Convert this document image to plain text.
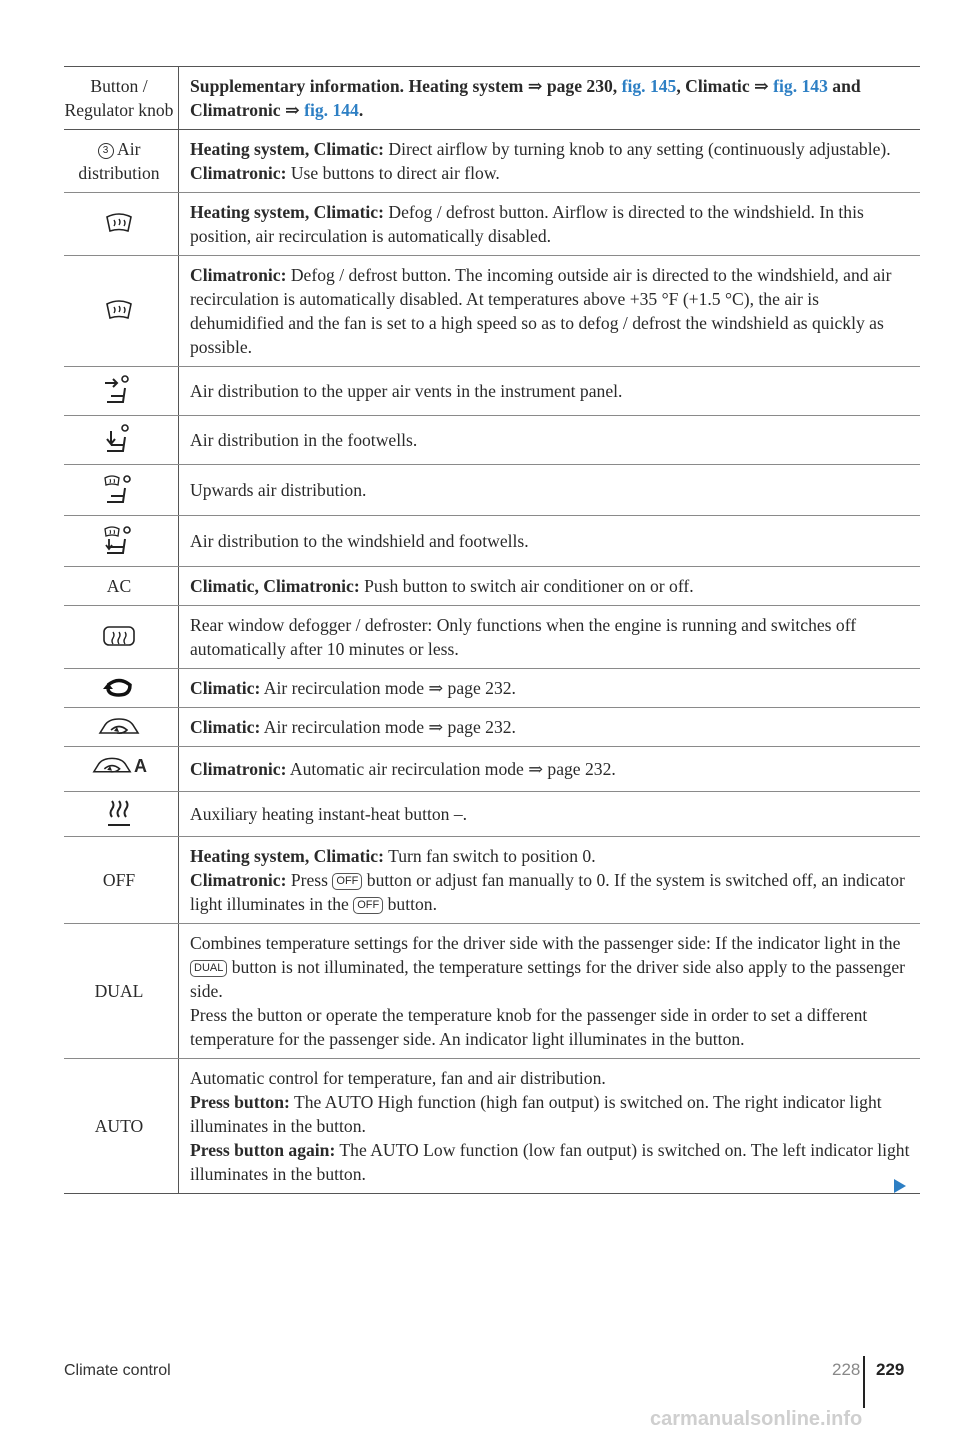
Button / Regulator knob	Supplementary information. Heating system ⇒ page 230, fig. 145, Climatic ⇒ fig. 143 and Climatronic ⇒ fig. 144.
3 Air distribution	Heating system, Climatic: Direct airflow by turning knob to any setting (continuously adjustable).
Climatronic: Use buttons to direct air flow.

	Heating system, Climatic: Defog / defrost button. Airflow is directed to the windshield. In this position, air recirculation is automatically disabled.

	Climatronic: Defog / defrost button. The incoming outside air is directed to the windshield, and air recirculation is automatically disabled. At temperatures above +35 °F (+1.5 °C), the air is dehumidified and the fan is set to a high speed so as to defog / defrost the windshield as quickly as possible.

	Air distribution to the upper air vents in the instrument panel.

	Air distribution in the footwells.

	Upwards air distribution.

	Air distribution to the windshield and footwells.
AC	Climatic, Climatronic: Push button to switch air conditioner on or off.

	Rear window defogger / defroster: Only functions when the engine is running and switches off automatically after 10 minutes or less.

	Climatic: Air recirculation mode ⇒ page 232.

	Climatic: Air recirculation mode ⇒ page 232.

A	Climatronic: Automatic air recirculation mode ⇒ page 232.

	Auxiliary heating instant-heat button –.
OFF	Heating system, Climatic: Turn fan switch to position 0.
Climatronic: Press OFF button or adjust fan manually to 0. If the system is switched off, an indicator light illuminates in the OFF button.
DUAL	Combines temperature settings for the driver side with the passenger side: If the indicator light in the DUAL button is not illuminated, the temperature settings for the driver side also apply to the passenger side.
Press the button or operate the temperature knob for the passenger side in order to set a different temperature for the passenger side. An indicator light illuminates in the button.
AUTO	Automatic control for temperature, fan and air distribution.
Press button: The AUTO High function (high fan output) is switched on. The right indicator light illuminates in the button.
Press button again: The AUTO Low function (low fan output) is switched on. The left indicator light illuminates in the button.
Climate control	228 229
carmanualsonline.info
